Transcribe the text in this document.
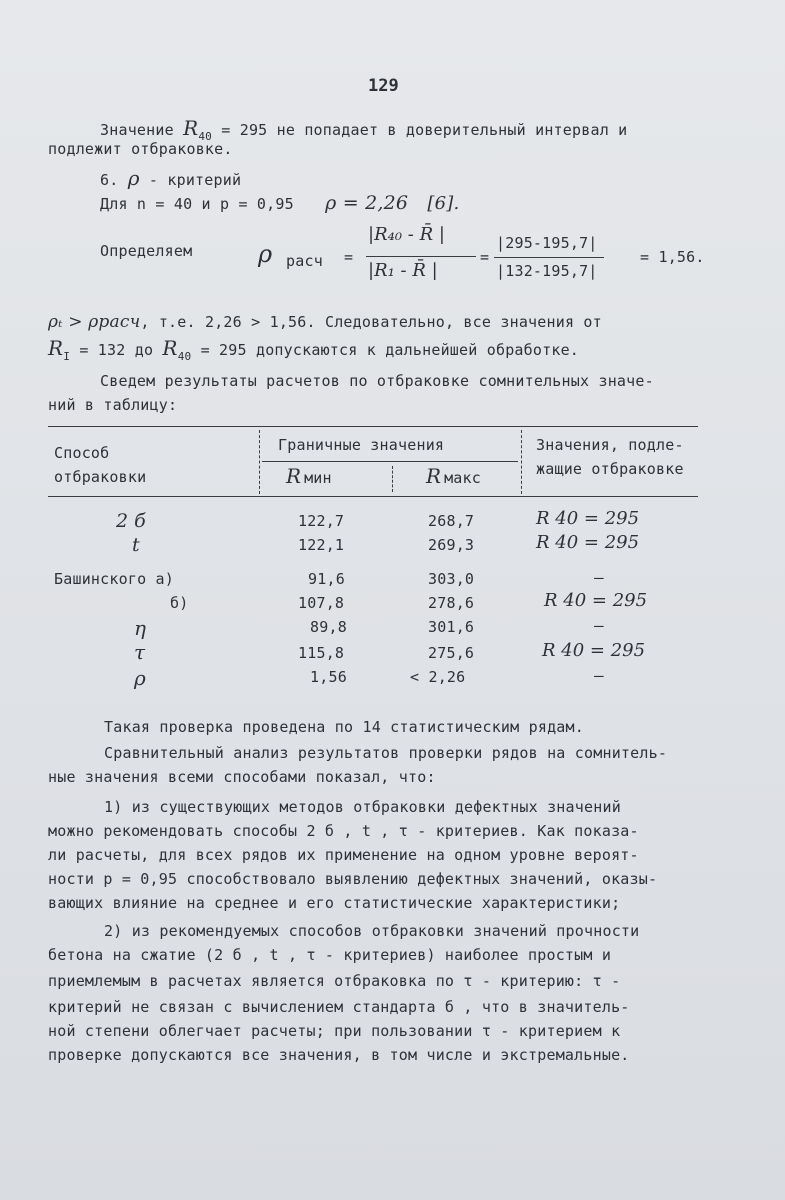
129
Значение $R_{40} = 295$ не попадает в доверительный интервал и
подлежит отбраковке.
6. ρ - критерий
Для n = 40 и р = 0,95 ρ = 2,26 [6].
Определяем	ρ расч =
|R₄₀ - R̄ |
|R₁ - R̄ |
=
|295-195,7|
|132-195,7|
= 1,56.
ρₜ > ρрасч, т.е. 2,26 > 1,56. Следовательно, все значения от
$R_I = 132$ до $R_{40} = 295$ допускаются к дальнейшей обработке.
Сведем результаты расчетов по отбраковке сомнительных значе-
ний в таблицу:
Способ
отбраковки
Граничные значения
R мин	R макс
Значения, подле-
жащие отбраковке
2 б	122,7	268,7	R 40 = 295
t	122,1	269,3	R 40 = 295
Башинского а)	91,6	303,0	—
б)	107,8	278,6	R 40 = 295
η	89,8	301,6	—
τ	115,8	275,6	R 40 = 295
ρ	1,56	< 2,26	—
Такая проверка проведена по 14 статистическим рядам.
Сравнительный анализ результатов проверки рядов на сомнитель-
ные значения всеми способами показал, что:
1) из существующих методов отбраковки дефектных значений
можно рекомендовать способы 2 б , t , τ - критериев. Как показа-
ли расчеты, для всех рядов их применение на одном уровне вероят-
ности р = 0,95 способствовало выявлению дефектных значений, оказы-
вающих влияние на среднее и его статистические характеристики;
2) из рекомендуемых способов отбраковки значений прочности
бетона на сжатие (2 б , t , τ - критериев) наиболее простым и
приемлемым в расчетах является отбраковка по τ - критерию: τ -
критерий не связан с вычислением стандарта б , что в значитель-
ной степени облегчает расчеты; при пользовании τ - критерием к
проверке допускаются все значения, в том числе и экстремальные.
